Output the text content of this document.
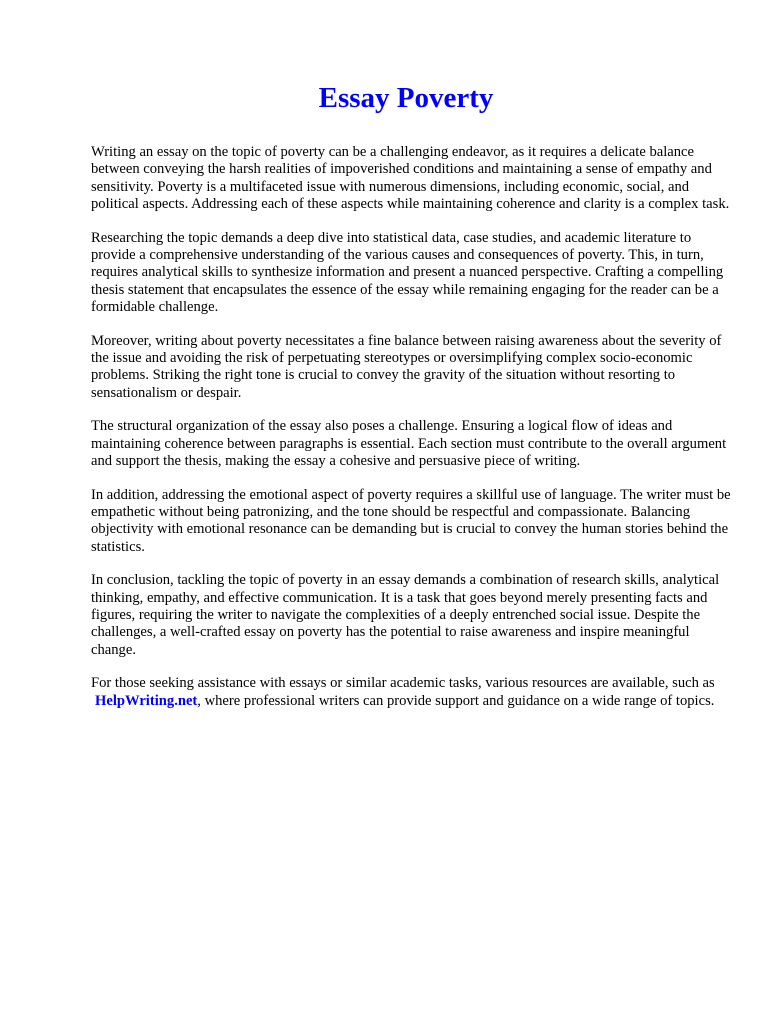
Essay Poverty

Writing an essay on the topic of poverty can be a challenging endeavor, as it requires a delicate balance between conveying the harsh realities of impoverished conditions and maintaining a sense of empathy and sensitivity. Poverty is a multifaceted issue with numerous dimensions, including economic, social, and political aspects. Addressing each of these aspects while maintaining coherence and clarity is a complex task.

Researching the topic demands a deep dive into statistical data, case studies, and academic literature to provide a comprehensive understanding of the various causes and consequences of poverty. This, in turn, requires analytical skills to synthesize information and present a nuanced perspective. Crafting a compelling thesis statement that encapsulates the essence of the essay while remaining engaging for the reader can be a formidable challenge.

Moreover, writing about poverty necessitates a fine balance between raising awareness about the severity of the issue and avoiding the risk of perpetuating stereotypes or oversimplifying complex socio-economic problems. Striking the right tone is crucial to convey the gravity of the situation without resorting to sensationalism or despair.

The structural organization of the essay also poses a challenge. Ensuring a logical flow of ideas and maintaining coherence between paragraphs is essential. Each section must contribute to the overall argument and support the thesis, making the essay a cohesive and persuasive piece of writing.

In addition, addressing the emotional aspect of poverty requires a skillful use of language. The writer must be empathetic without being patronizing, and the tone should be respectful and compassionate. Balancing objectivity with emotional resonance can be demanding but is crucial to convey the human stories behind the statistics.

In conclusion, tackling the topic of poverty in an essay demands a combination of research skills, analytical thinking, empathy, and effective communication. It is a task that goes beyond merely presenting facts and figures, requiring the writer to navigate the complexities of a deeply entrenched social issue. Despite the challenges, a well-crafted essay on poverty has the potential to raise awareness and inspire meaningful change.

For those seeking assistance with essays or similar academic tasks, various resources are available, such as HelpWriting.net, where professional writers can provide support and guidance on a wide range of topics.
